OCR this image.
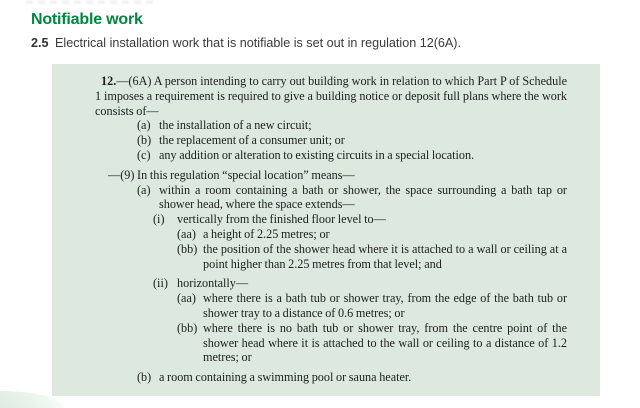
Notifiable work
2.5 Electrical installation work that is notifiable is set out in regulation 12(6A).
12.—(6A) A person intending to carry out building work in relation to which Part P of Schedule 1 imposes a requirement is required to give a building notice or deposit full plans where the work consists of—
(a) the installation of a new circuit;
(b) the replacement of a consumer unit; or
(c) any addition or alteration to existing circuits in a special location.
—(9) In this regulation “special location” means—
(a) within a room containing a bath or shower, the space surrounding a bath tap or shower head, where the space extends—
(i)	vertically from the finished floor level to—
(aa) a height of 2.25 metres; or
(bb) the position of the shower head where it is attached to a wall or ceiling at a point higher than 2.25 metres from that level; and
(ii) horizontally—
(aa) where there is a bath tub or shower tray, from the edge of the bath tub or shower tray to a distance of 0.6 metres; or
(bb) where there is no bath tub or shower tray, from the centre point of the shower head where it is attached to the wall or ceiling to a distance of 1.2 metres; or
(b) a room containing a swimming pool or sauna heater.
